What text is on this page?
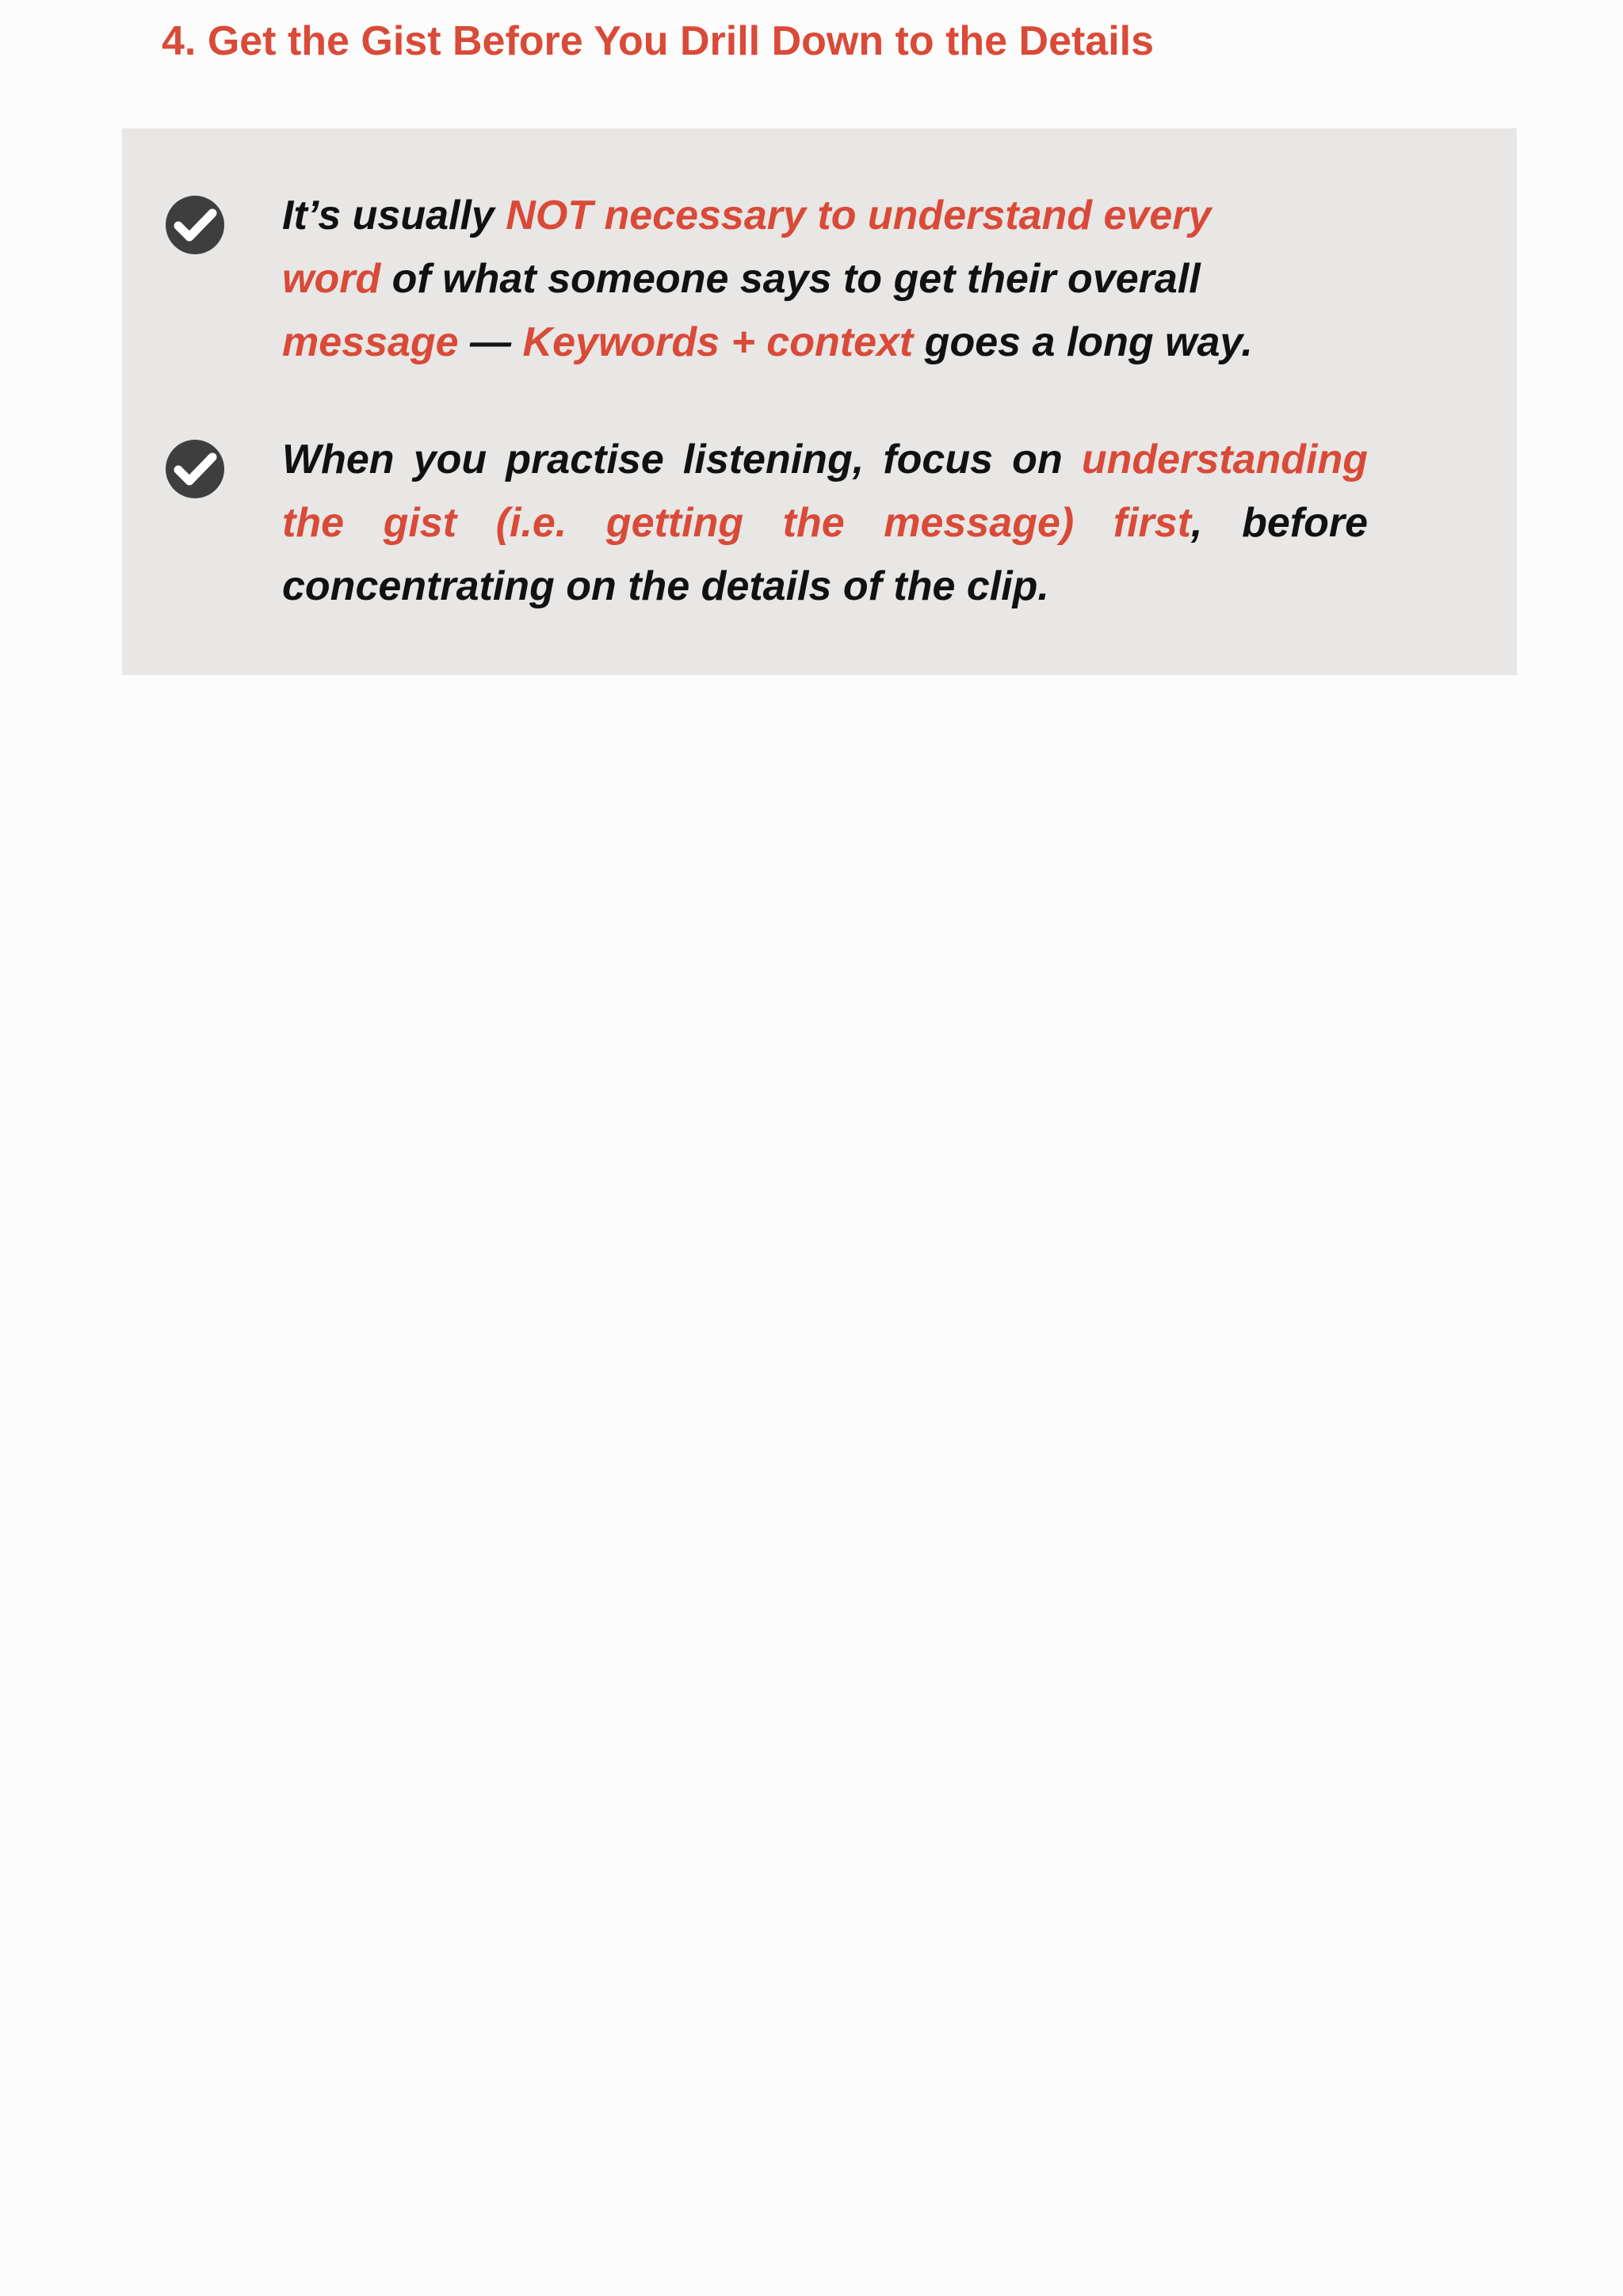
4. Get the Gist Before You Drill Down to the Details

It’s usually NOT necessary to understand every
word of what someone says to get their overall
message — Keywords + context goes a long way.

When you practise listening, focus on understanding the gist (i.e. getting the message) first, before concentrating on the details of the clip.
